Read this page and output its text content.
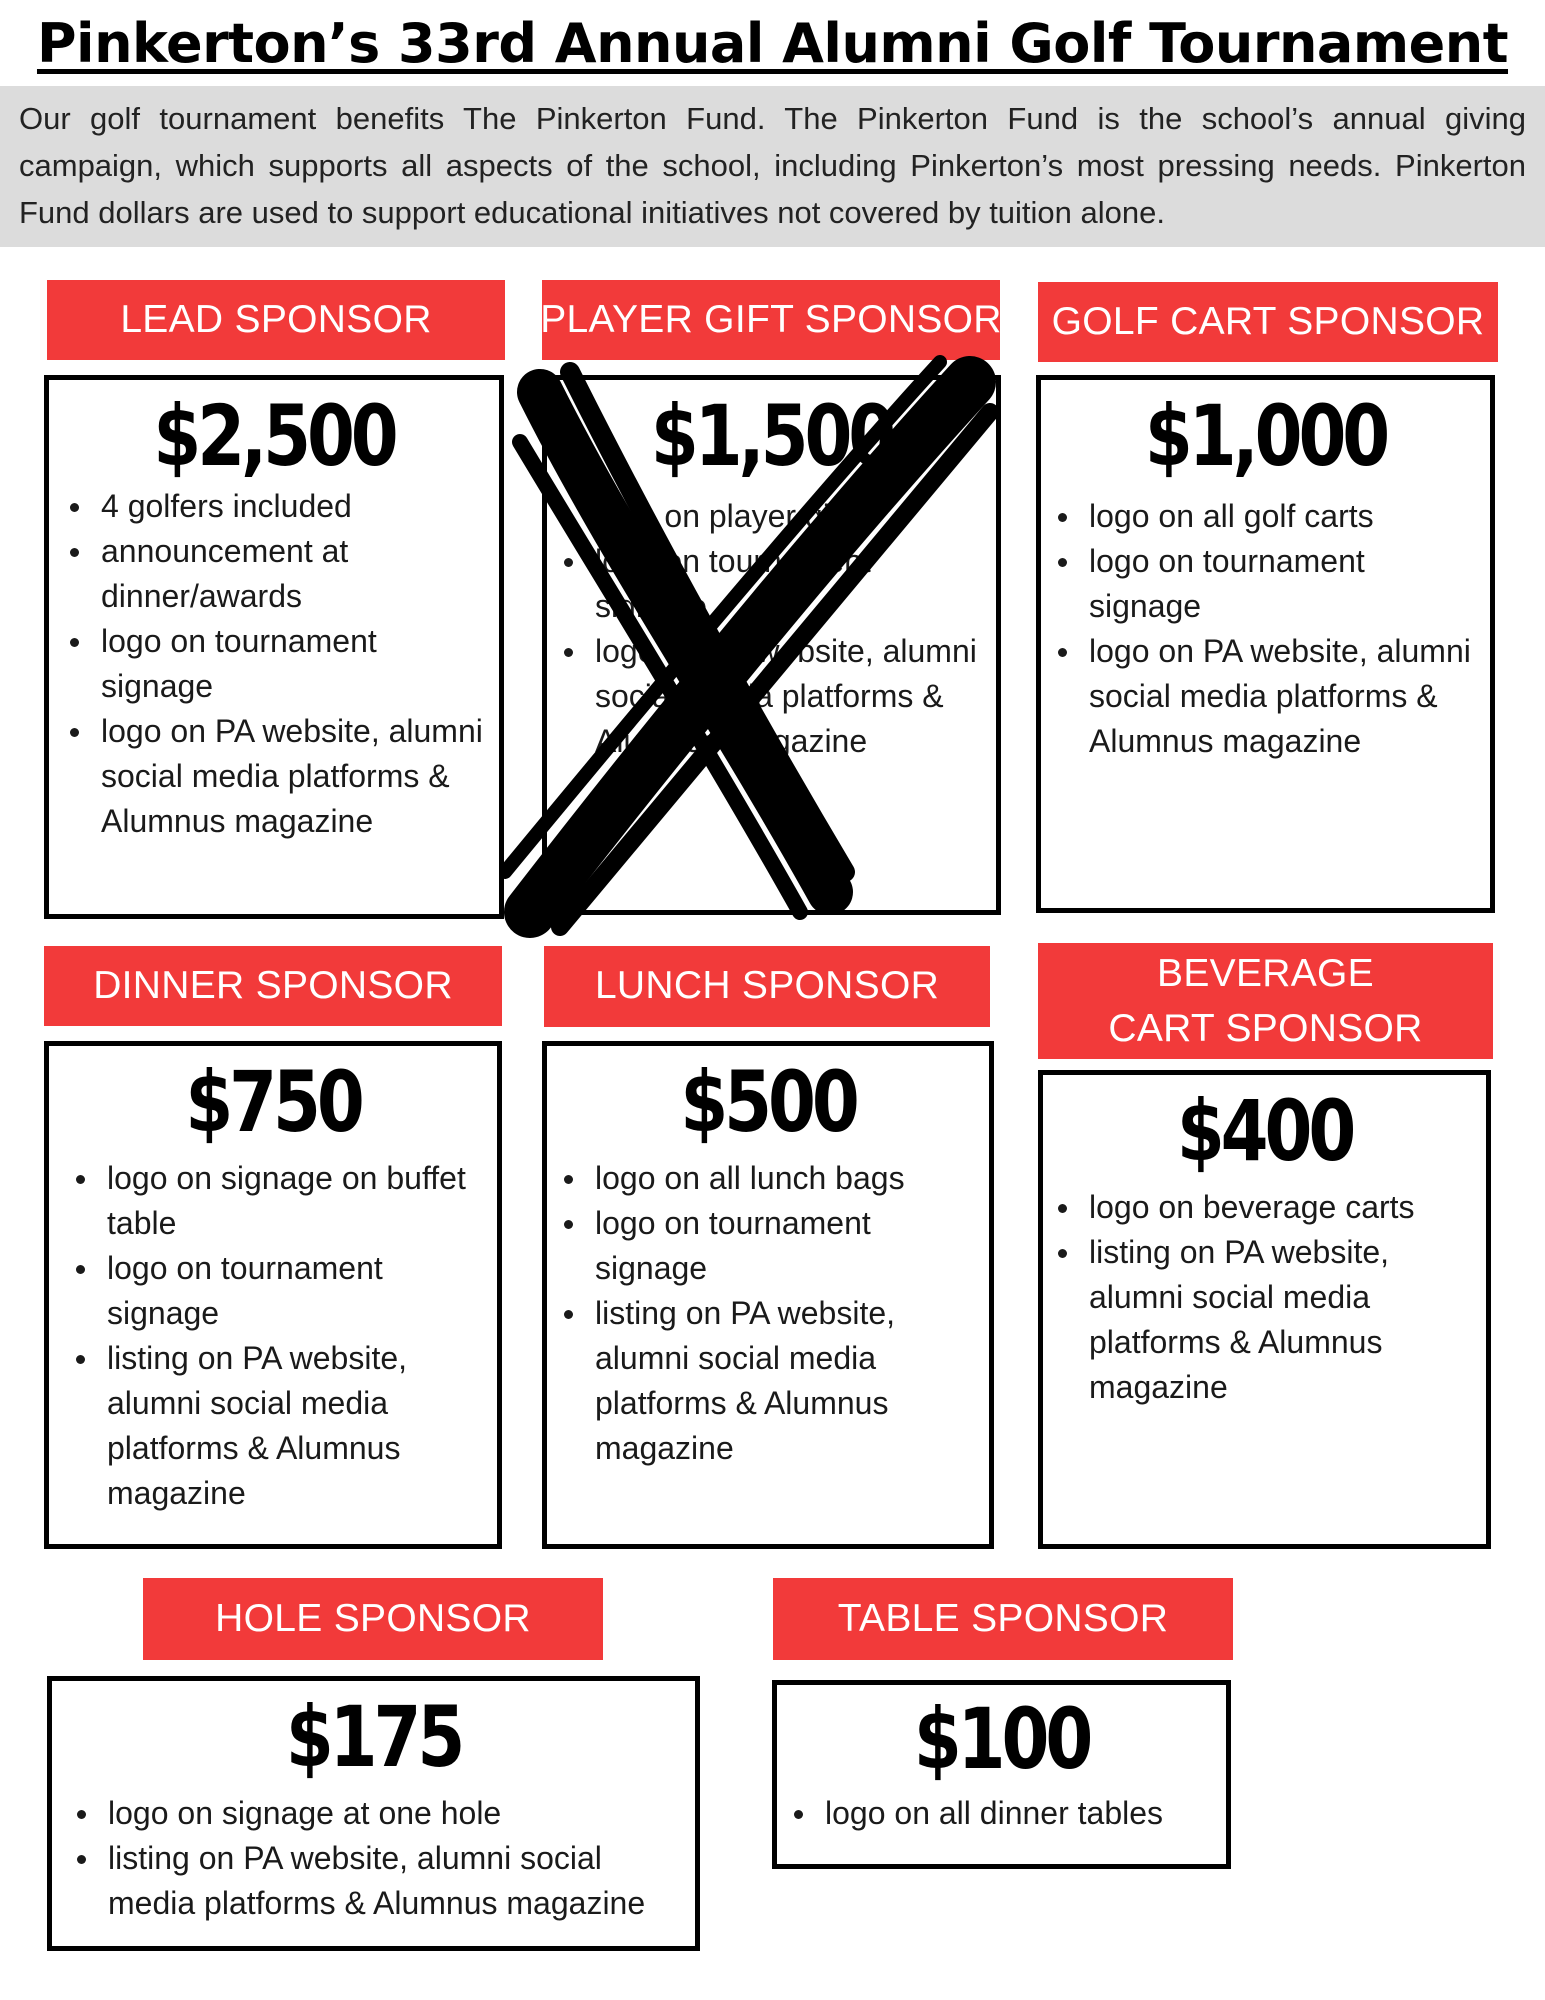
Pinkerton’s 33rd Annual Alumni Golf Tournament
Our golf tournament benefits The Pinkerton Fund. The Pinkerton Fund is the school’s annual giving campaign, which supports all aspects of the school, including Pinkerton’s most pressing needs. Pinkerton Fund dollars are used to support educational initiatives not covered by tuition alone.
LEAD SPONSOR
$2,500
4 golfers included
announcement at dinner/awards
logo on tournament signage
logo on PA website, alumni social media platforms & Alumnus magazine
PLAYER GIFT SPONSOR
$1,500
logo on player gift
logo on tournament signage
logo on PA website, alumni social media platforms & Alumnus magazine
GOLF CART SPONSOR
$1,000
logo on all golf carts
logo on tournament signage
logo on PA website, alumni social media platforms & Alumnus magazine
DINNER SPONSOR
$750
logo on signage on buffet table
logo on tournament signage
listing on PA website, alumni social media platforms & Alumnus magazine
LUNCH SPONSOR
$500
logo on all lunch bags
logo on tournament signage
listing on PA website, alumni social media platforms & Alumnus magazine
BEVERAGE CART SPONSOR
$400
logo on beverage carts
listing on PA website, alumni social media platforms & Alumnus magazine
HOLE SPONSOR
$175
logo on signage at one hole
listing on PA website, alumni social media platforms & Alumnus magazine
TABLE SPONSOR
$100
logo on all dinner tables
